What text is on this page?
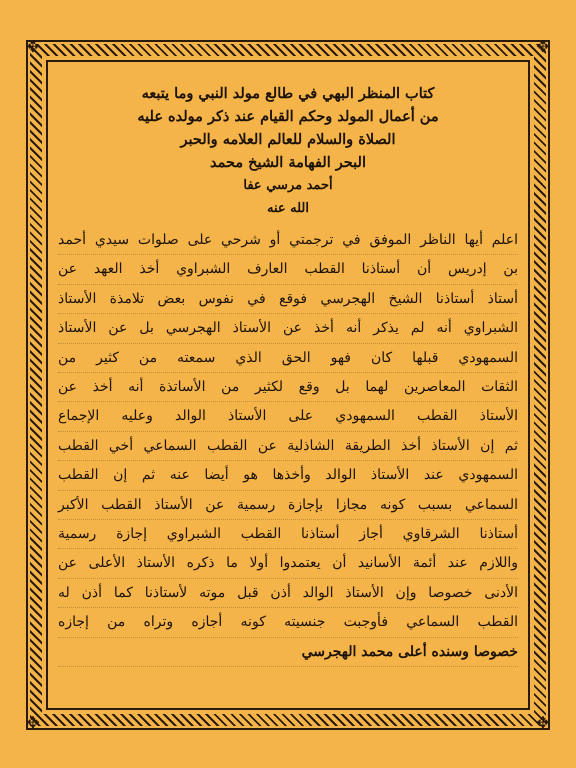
✥	✥
✥	✥
كتاب المنظر البهي في طالع مولد النبي وما يتبعه
من أعمال المولد وحكم القيام عند ذكر مولده عليه
الصلاة والسلام للعالم العلامه والحبر
البحر الفهامة الشيخ محمد
أحمد مرسي عفا
الله عنه
اعلم أيها الناظر الموفق في ترجمتي أو شرحي على صلوات سيدي أحمد
بن إدريس أن أستاذنا القطب العارف الشبراوي أخذ العهد عن
أستاذ أستاذنا الشيخ الهجرسي فوقع في نفوس بعض تلامذة الأستاذ
الشبراوي أنه لم يذكر أنه أخذ عن الأستاذ الهجرسي بل عن الأستاذ
السمهودي قبلها كان فهو الحق الذي سمعته من كثير من
الثقات المعاصرين لهما بل وقع لكثير من الأساتذة أنه أخذ عن
الأستاذ القطب السمهودي على الأستاذ الوالد وعليه الإجماع
ثم إن الأستاذ أخذ الطريقة الشاذلية عن القطب السماعي أخي القطب
السمهودي عند الأستاذ الوالد وأخذها هو أيضا عنه ثم إن القطب
السماعي بسبب كونه مجازا بإجازة رسمية عن الأستاذ القطب الأكبر
أستاذنا الشرقاوي أجاز أستاذنا القطب الشبراوي إجازة رسمية
واللازم عند أئمة الأسانيد أن يعتمدوا أولا ما ذكره الأستاذ الأعلى عن
الأدنى خصوصا وإن الأستاذ الوالد أذن قبل موته لأستاذنا كما أذن له
القطب السماعي فأوجبت جنسيته كونه أجازه وتراه من إجازه
خصوصا وسنده أعلى محمد الهجرسي
